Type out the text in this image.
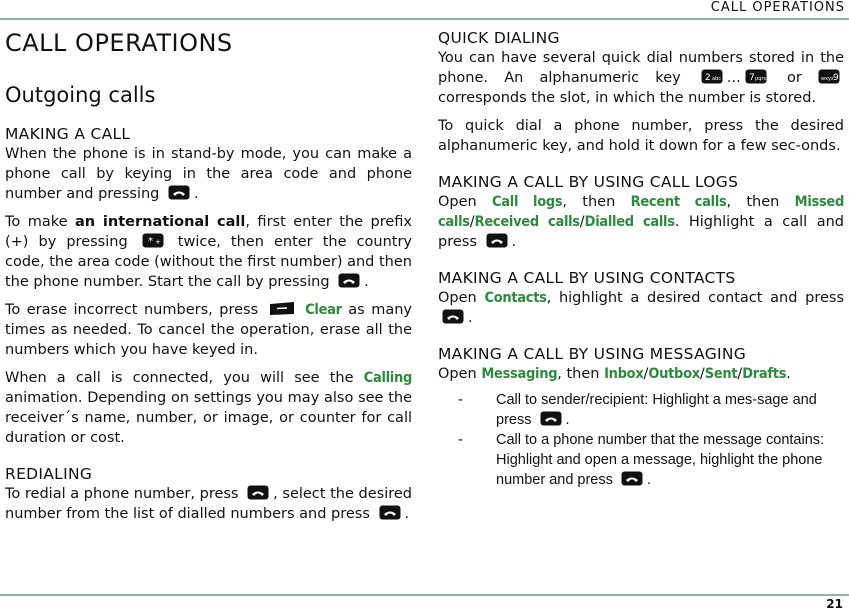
CALL OPERATIONS
CALL OPERATIONS
Outgoing calls
MAKING A CALL

When the phone is in stand-by mode, you can make a phone call by keying in the area code and phone number and pressing .

To make an international call, first enter the prefix (+) by pressing * + twice, then enter the country code, the area code (without the first number) and then the phone number. Start the call by pressing .

To erase incorrect numbers, press	Clear as many times as needed. To cancel the operation, erase all the numbers which you have keyed in.

When a call is connected, you will see the Calling animation. Depending on settings you may also see the receiver´s name, number, or image, or counter for call duration or cost.

REDIALING

To redial a phone number, press , select the desired number from the list of dialled numbers and press .

QUICK DIALING

You can have several quick dial numbers stored in the phone. An alphanumeric key	2 abc ... 7 pqrs or	wxyz 9
corresponds the slot, in which the number is stored.

To quick dial a phone number, press the desired alphanumeric key, and hold it down for a few sec-onds.

MAKING A CALL BY USING CALL LOGS

Open Call logs, then Recent calls, then Missed calls/Received calls/Dialled calls. Highlight a call and press .

MAKING A CALL BY USING CONTACTS

Open Contacts, highlight a desired contact and press
.

MAKING A CALL BY USING MESSAGING

Open Messaging, then Inbox/Outbox/Sent/Drafts.

- Call to sender/recipient: Highlight a mes-sage and press .
- Call to a phone number that the message contains: Highlight and open a message, highlight the phone number and press .
21
